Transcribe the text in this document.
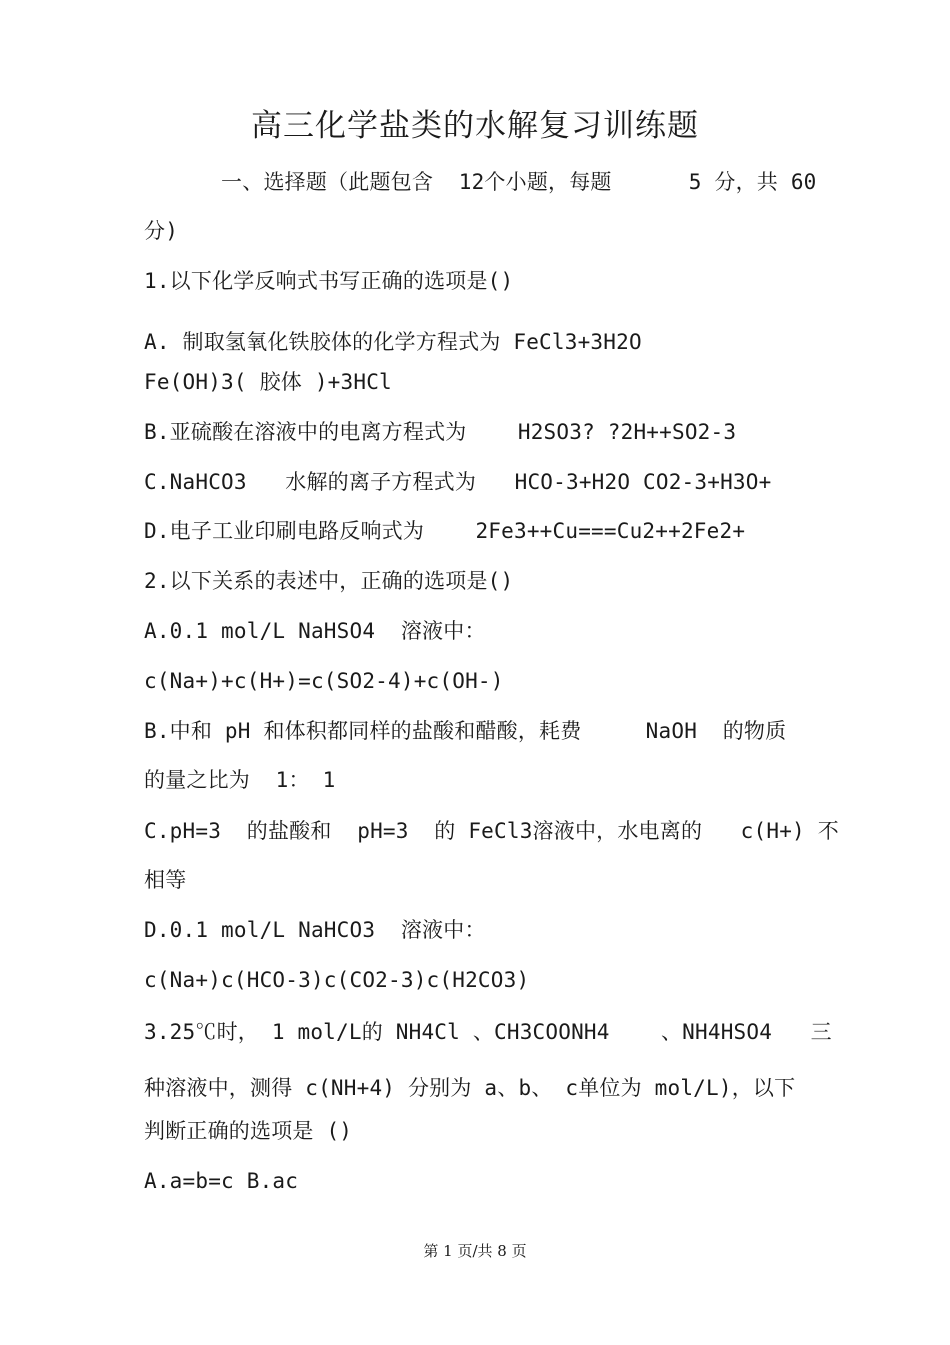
高三化学盐类的水解复习训练题
一、选择题（此题包含  12个小题，每题      5 分，共 60
分)
1.以下化学反响式书写正确的选项是()
A. 制取氢氧化铁胶体的化学方程式为 FeCl3+3H2O
Fe(OH)3( 胶体 )+3HCl
B.亚硫酸在溶液中的电离方程式为    H2SO3? ?2H++SO2-3
C.NaHCO3   水解的离子方程式为   HCO-3+H2O CO2-3+H3O+
D.电子工业印刷电路反响式为    2Fe3++Cu===Cu2++2Fe2+
2.以下关系的表述中，正确的选项是()
A.0.1 mol/L NaHSO4  溶液中：
c(Na+)+c(H+)=c(SO2-4)+c(OH-)
B.中和 pH 和体积都同样的盐酸和醋酸，耗费     NaOH  的物质
的量之比为  1： 1
C.pH=3  的盐酸和  pH=3  的 FeCl3溶液中，水电离的   c(H+) 不
相等
D.0.1 mol/L NaHCO3  溶液中：
c(Na+)c(HCO-3)c(CO2-3)c(H2CO3)
3.25℃时， 1 mol/L的 NH4Cl 、CH3COONH4    、NH4HSO4   三
种溶液中，测得 c(NH+4) 分别为 a、b、 c单位为 mol/L)，以下
判断正确的选项是 ()
A.a=b=c B.ac
第 1 页/共 8 页
